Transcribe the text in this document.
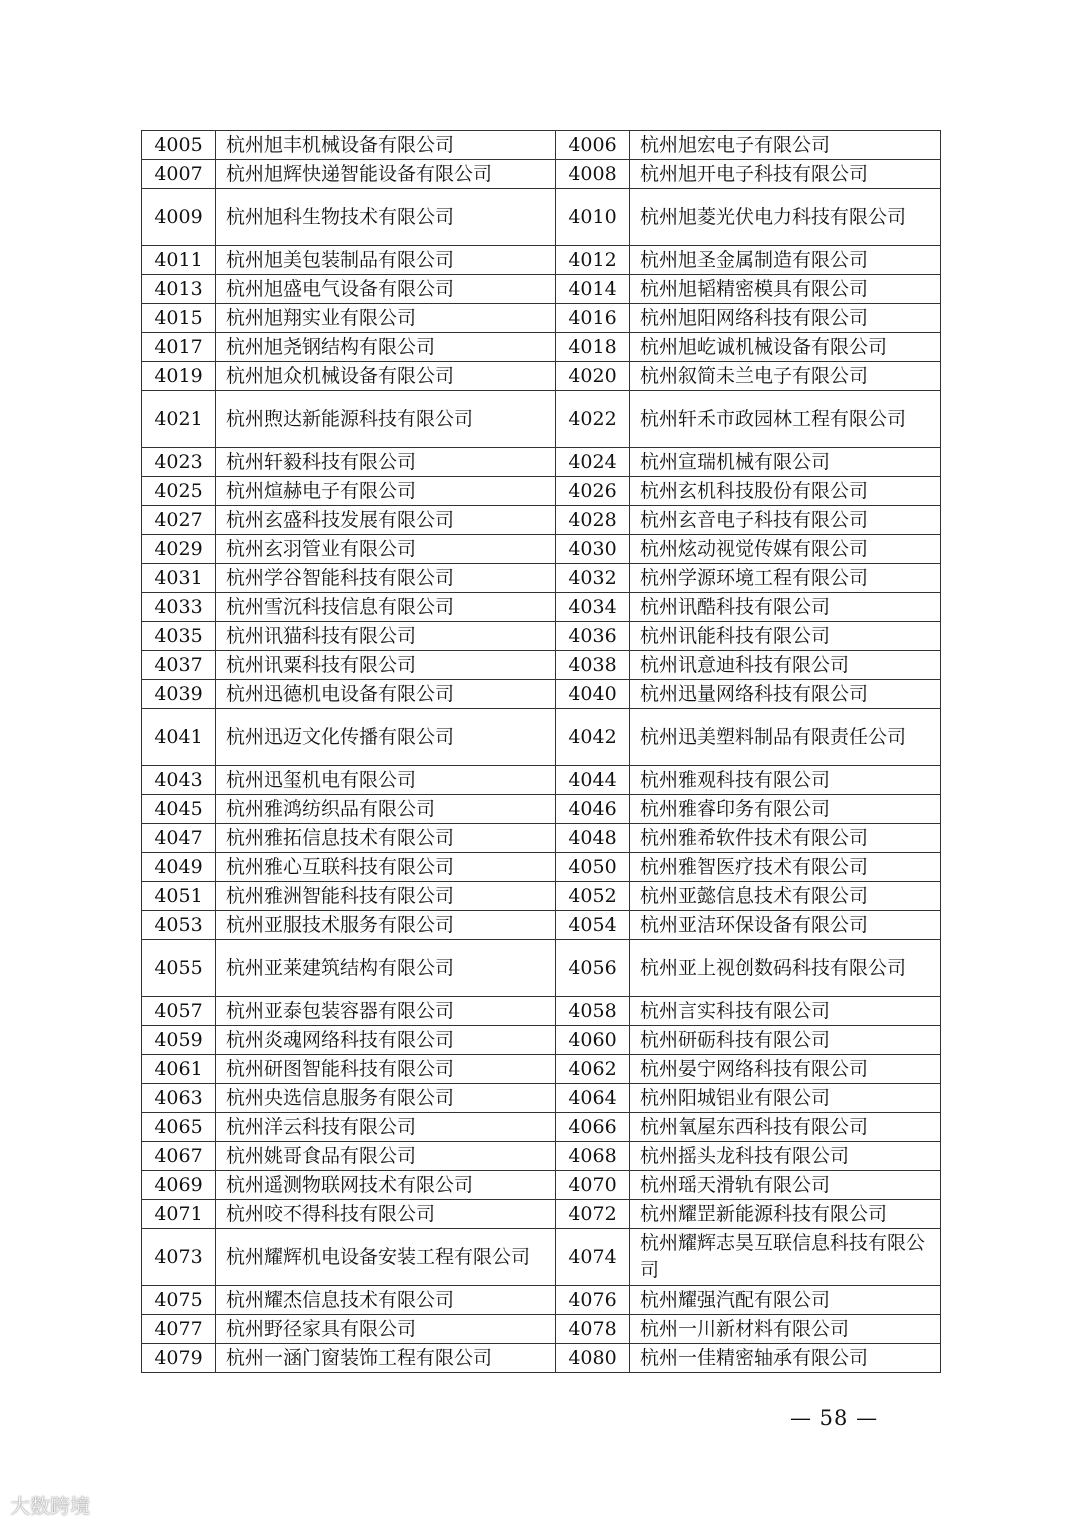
4005	杭州旭丰机械设备有限公司	4006	杭州旭宏电子有限公司
4007	杭州旭辉快递智能设备有限公司	4008	杭州旭开电子科技有限公司
4009	杭州旭科生物技术有限公司	4010	杭州旭菱光伏电力科技有限公司
4011	杭州旭美包装制品有限公司	4012	杭州旭圣金属制造有限公司
4013	杭州旭盛电气设备有限公司	4014	杭州旭韬精密模具有限公司
4015	杭州旭翔实业有限公司	4016	杭州旭阳网络科技有限公司
4017	杭州旭尧钢结构有限公司	4018	杭州旭屹诚机械设备有限公司
4019	杭州旭众机械设备有限公司	4020	杭州叙简未兰电子有限公司
4021	杭州煦达新能源科技有限公司	4022	杭州轩禾市政园林工程有限公司
4023	杭州轩毅科技有限公司	4024	杭州宣瑞机械有限公司
4025	杭州煊赫电子有限公司	4026	杭州玄机科技股份有限公司
4027	杭州玄盛科技发展有限公司	4028	杭州玄音电子科技有限公司
4029	杭州玄羽管业有限公司	4030	杭州炫动视觉传媒有限公司
4031	杭州学谷智能科技有限公司	4032	杭州学源环境工程有限公司
4033	杭州雪沉科技信息有限公司	4034	杭州讯酷科技有限公司
4035	杭州讯猫科技有限公司	4036	杭州讯能科技有限公司
4037	杭州讯粟科技有限公司	4038	杭州讯意迪科技有限公司
4039	杭州迅德机电设备有限公司	4040	杭州迅量网络科技有限公司
4041	杭州迅迈文化传播有限公司	4042	杭州迅美塑料制品有限责任公司
4043	杭州迅玺机电有限公司	4044	杭州雅观科技有限公司
4045	杭州雅鸿纺织品有限公司	4046	杭州雅睿印务有限公司
4047	杭州雅拓信息技术有限公司	4048	杭州雅希软件技术有限公司
4049	杭州雅心互联科技有限公司	4050	杭州雅智医疗技术有限公司
4051	杭州雅洲智能科技有限公司	4052	杭州亚懿信息技术有限公司
4053	杭州亚服技术服务有限公司	4054	杭州亚洁环保设备有限公司
4055	杭州亚莱建筑结构有限公司	4056	杭州亚上视创数码科技有限公司
4057	杭州亚泰包装容器有限公司	4058	杭州言实科技有限公司
4059	杭州炎魂网络科技有限公司	4060	杭州研砺科技有限公司
4061	杭州研图智能科技有限公司	4062	杭州晏宁网络科技有限公司
4063	杭州央选信息服务有限公司	4064	杭州阳城铝业有限公司
4065	杭州洋云科技有限公司	4066	杭州氧屋东西科技有限公司
4067	杭州姚哥食品有限公司	4068	杭州摇头龙科技有限公司
4069	杭州遥测物联网技术有限公司	4070	杭州瑶天滑轨有限公司
4071	杭州咬不得科技有限公司	4072	杭州耀罡新能源科技有限公司
4073	杭州耀辉机电设备安装工程有限公司	4074	杭州耀辉志昊互联信息科技有限公司
4075	杭州耀杰信息技术有限公司	4076	杭州耀强汽配有限公司
4077	杭州野径家具有限公司	4078	杭州一川新材料有限公司
4079	杭州一涵门窗装饰工程有限公司	4080	杭州一佳精密轴承有限公司
— 58 —
大数跨境
